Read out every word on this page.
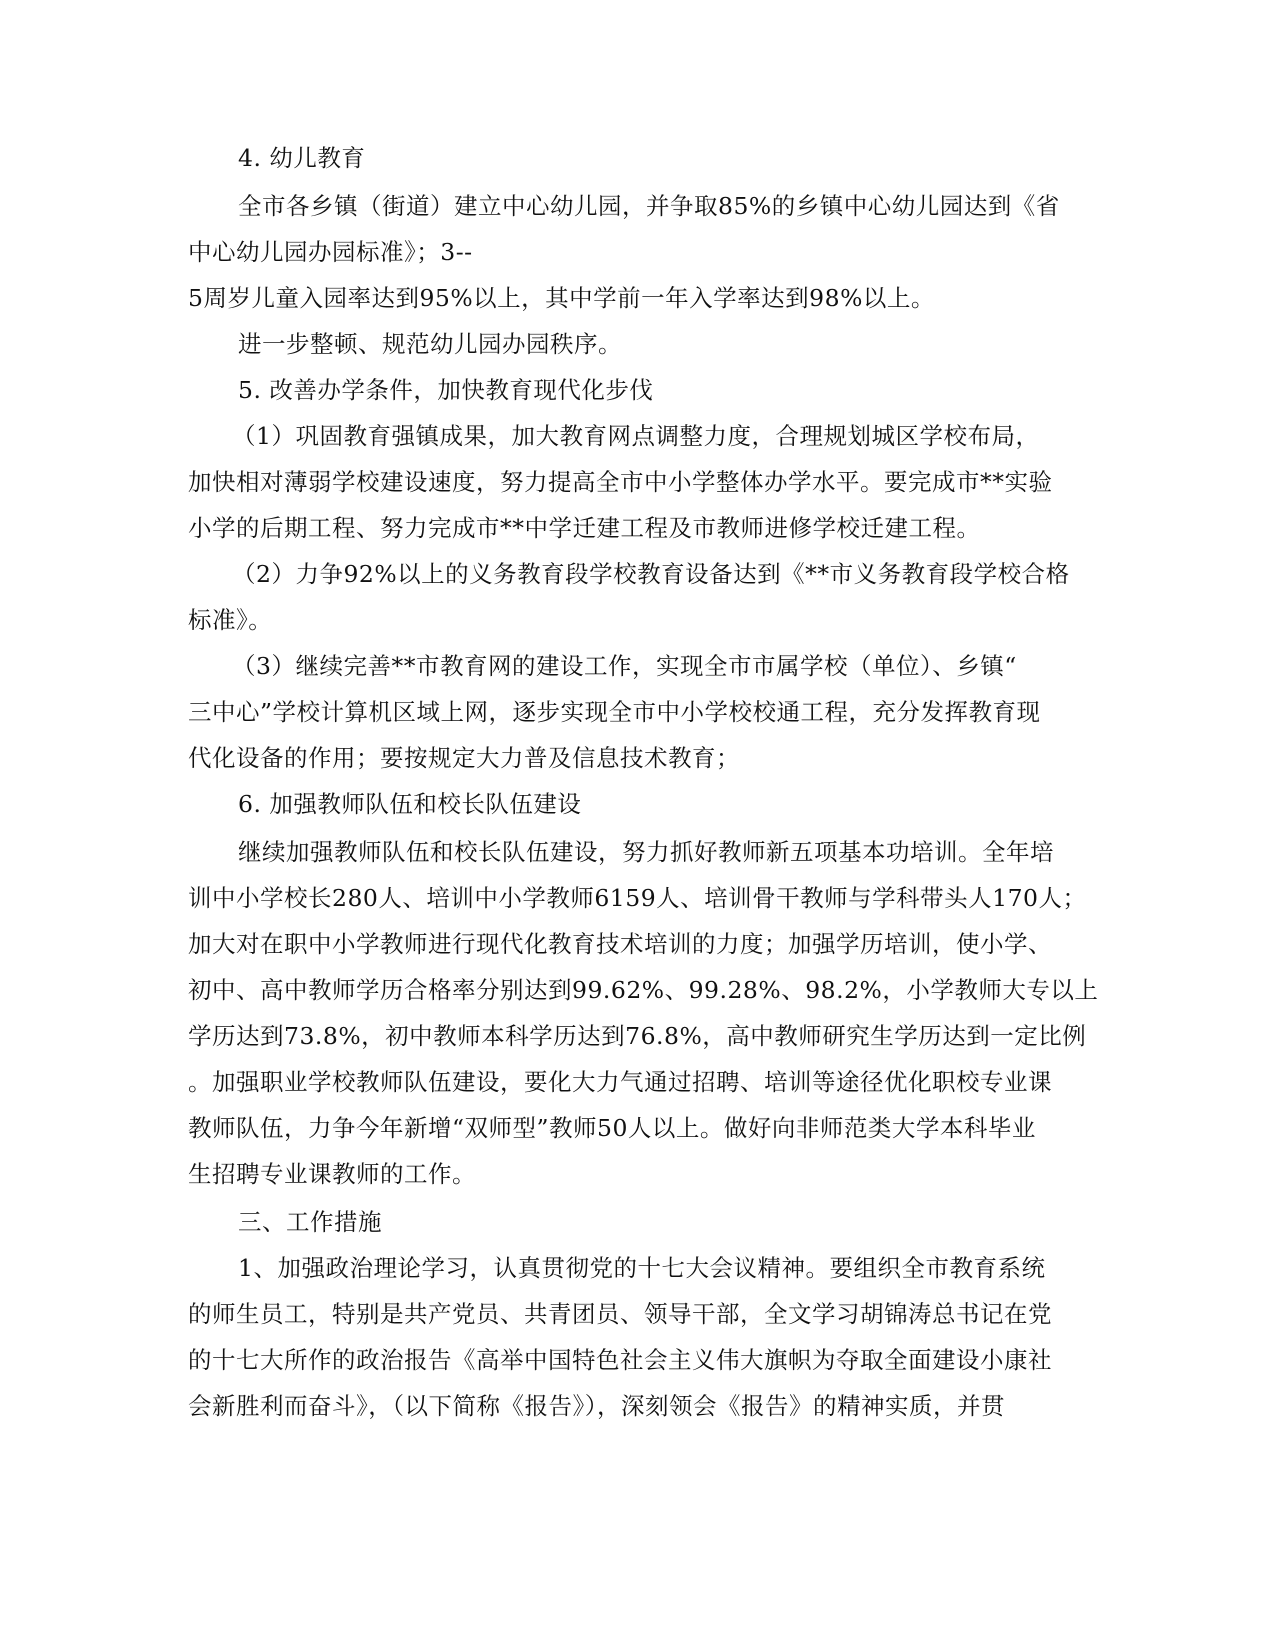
4. 幼儿教育
全市各乡镇（街道）建立中心幼儿园，并争取85%的乡镇中心幼儿园达到《省
中心幼儿园办园标准》；3--
5周岁儿童入园率达到95%以上，其中学前一年入学率达到98%以上。
进一步整顿、规范幼儿园办园秩序。
5. 改善办学条件，加快教育现代化步伐
（1）巩固教育强镇成果，加大教育网点调整力度，合理规划城区学校布局，
加快相对薄弱学校建设速度，努力提高全市中小学整体办学水平。要完成市**实验
小学的后期工程、努力完成市**中学迁建工程及市教师进修学校迁建工程。
（2）力争92%以上的义务教育段学校教育设备达到《**市义务教育段学校合格
标准》。
（3）继续完善**市教育网的建设工作，实现全市市属学校（单位）、乡镇“
三中心”学校计算机区域上网，逐步实现全市中小学校校通工程，充分发挥教育现
代化设备的作用；要按规定大力普及信息技术教育；
6. 加强教师队伍和校长队伍建设
继续加强教师队伍和校长队伍建设，努力抓好教师新五项基本功培训。全年培
训中小学校长280人、培训中小学教师6159人、培训骨干教师与学科带头人170人；
加大对在职中小学教师进行现代化教育技术培训的力度；加强学历培训，使小学、
初中、高中教师学历合格率分别达到99.62%、99.28%、98.2%，小学教师大专以上
学历达到73.8%，初中教师本科学历达到76.8%，高中教师研究生学历达到一定比例
。加强职业学校教师队伍建设，要化大力气通过招聘、培训等途径优化职校专业课
教师队伍，力争今年新增“双师型”教师50人以上。做好向非师范类大学本科毕业
生招聘专业课教师的工作。
三、工作措施
1、加强政治理论学习，认真贯彻党的十七大会议精神。要组织全市教育系统
的师生员工，特别是共产党员、共青团员、领导干部，全文学习胡锦涛总书记在党
的十七大所作的政治报告《高举中国特色社会主义伟大旗帜为夺取全面建设小康社
会新胜利而奋斗》，（以下简称《报告》），深刻领会《报告》的精神实质，并贯
